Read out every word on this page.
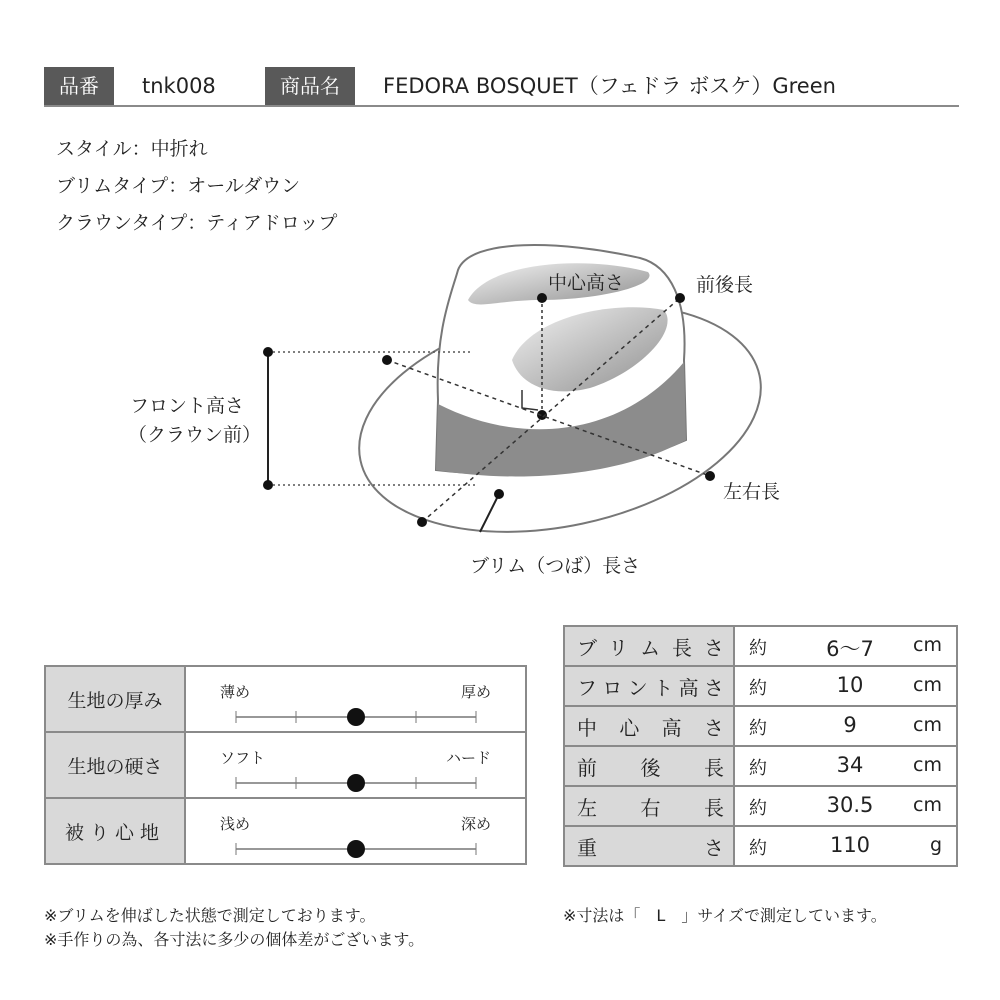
品番	tnk008	商品名	FEDORA BOSQUET（フェドラ ボスケ）Green
スタイル：中折れ
ブリムタイプ：オールダウン
クラウンタイプ：ティアドロップ
中心高さ	前後長
フロント高さ
（クラウン前）
左右長
ブリム（つば）長さ
生地の厚み	薄め 厚め

生地の硬さ	ソフト ハード

被り心地	浅め 深め
ブリム長さ	約 6〜7 cm

フロント高さ	約 10 cm

中心高さ	約 9 cm

前後長	約 34 cm

左右長	約 30.5 cm

重さ	約 110 g
※ブリムを伸ばした状態で測定しております。
※手作りの為、各寸法に多少の個体差がございます。
※寸法は「　L　」サイズで測定しています。
